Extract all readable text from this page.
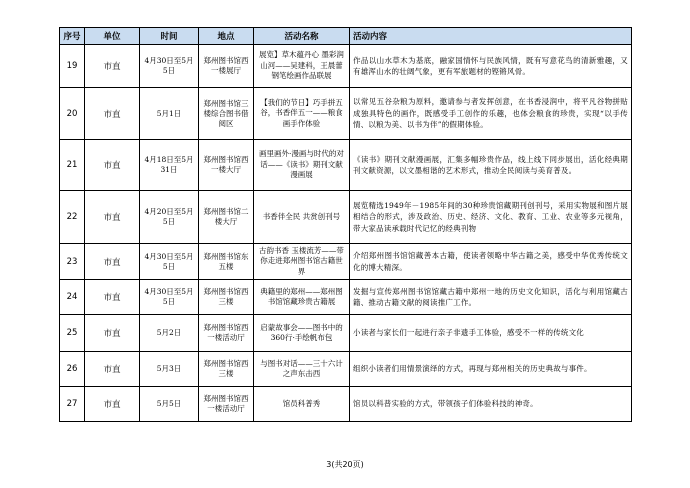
序号	单位	时间	地点	活动名称	活动内容
19	市直	4月30日至5月5日	郑州图书馆西一楼展厅	展览】草木蕴丹心 墨彩润山河——吴建科，王晨蕾钢笔绘画作品联展	作品以山水草木为基底，融家国情怀与民族风情，既有写意花鸟的清新雅趣，又有雄浑山水的壮阔气象，更有军旅题材的铿锵风骨。
20	市直	5月1日	郑州图书馆三楼综合图书借阅区	【我们的节日】巧手拼五谷，书香伴五一——粮食画手作体验	以常见五谷杂粮为原料，邀请参与者发挥创意，在书香浸润中，将平凡谷物拼贴成独具特色的画作，既感受手工创作的乐趣，也体会粮食的珍贵，实现“以手传情、以粮为美、以书为伴”的假期体验。
21	市直	4月18日至5月31日	郑州图书馆西一楼大厅	画里画外·漫画与时代的对话——《读书》期刊文献漫画展	《读书》期刊文献漫画展，汇集多幅珍贵作品，线上线下同步展出，活化经典期刊文献资源，以文墨相谐的艺术形式，推动全民阅读与美育普及。
22	市直	4月20日至5月5日	郑州图书馆二楼大厅	书香伴全民 共赏创刊号	展览精选1949年－1985年间的30种珍贵馆藏期刊创刊号，采用实物展和图片展相结合的形式，涉及政治、历史、经济、文化、教育、工业、农业等多元视角，带大家品读承载时代记忆的经典刊物
23	市直	4月30日至5月5日	郑州图书馆东五楼	古韵书香 玉楼流芳——带你走进郑州图书馆古籍世界	介绍郑州图书馆馆藏善本古籍，使读者领略中华古籍之美，感受中华优秀传统文化的博大精深。
24	市直	4月30日至5月5日	郑州图书馆西三楼	典籍里的郑州——郑州图书馆馆藏珍贵古籍展	发掘与宣传郑州图书馆馆藏古籍中郑州一地的历史文化知识，活化与利用馆藏古籍、推动古籍文献的阅读推广工作。
25	市直	5月2日	郑州图书馆西一楼活动厅	启蒙故事会——图书中的360行·手绘帆布包	小读者与家长们一起进行亲子非遗手工体验，感受不一样的传统文化
26	市直	5月3日	郑州图书馆西三楼	与图书对话——三十六计之声东击西	组织小读者们用情景演绎的方式，再现与郑州相关的历史典故与事件。
27	市直	5月5日	郑州图书馆西一楼活动厅	馆员科普秀	馆员以科普实验的方式，带领孩子们体验科技的神奇。
3(共20页)
